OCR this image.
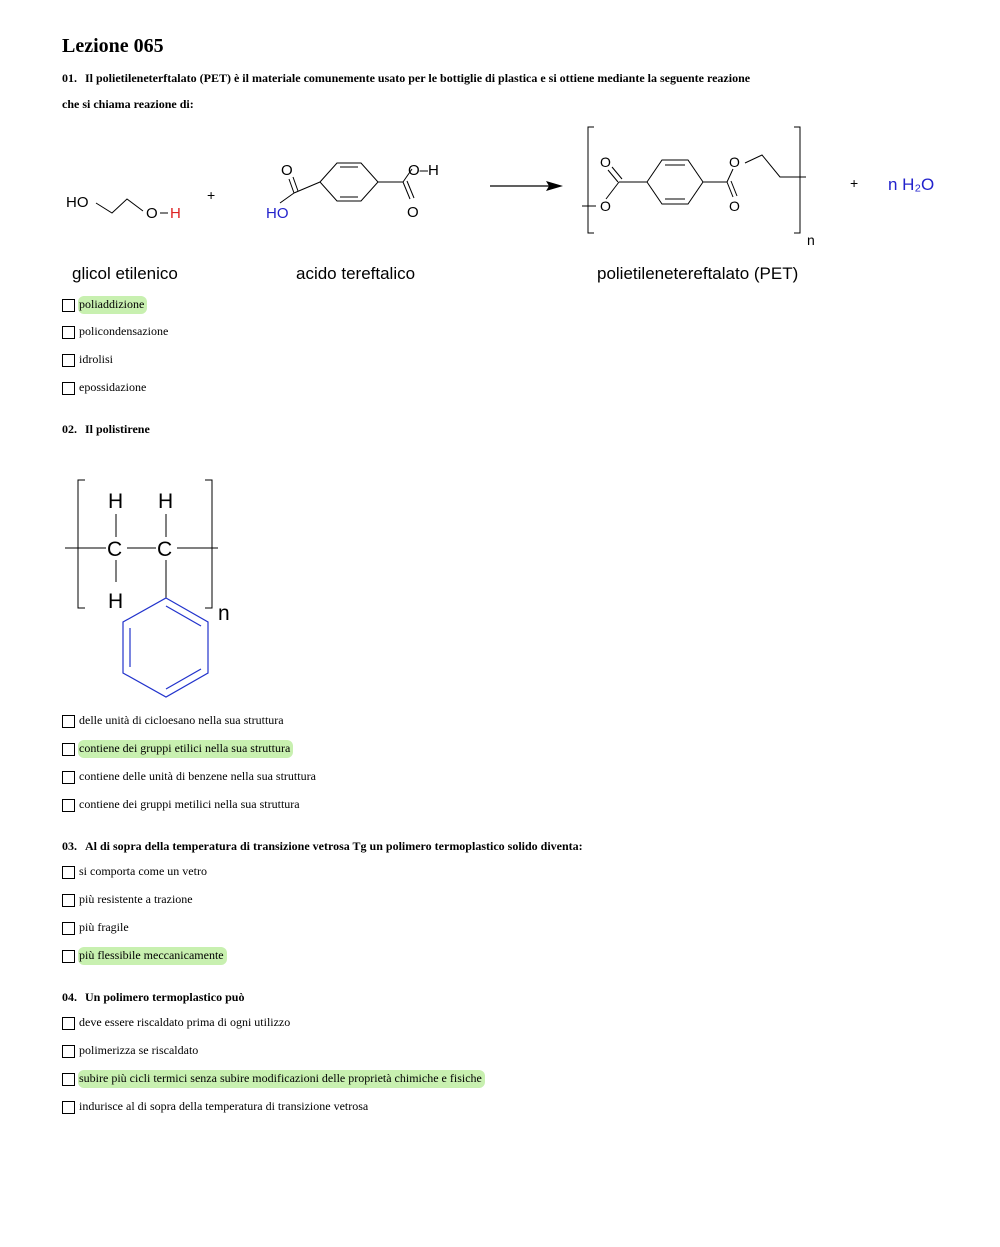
Lezione 065
01. Il polietileneterftalato (PET) è il materiale comunemente usato per le bottiglie di plastica e si ottiene mediante la seguente reazione
che si chiama reazione di:
HO
O H
+
O
HO
O–H
O
acido tereftalico
glicol etilenico
O
O	O
O
n
polietilenetereftalato (PET)
+ n H₂O
poliaddizione
policondensazione
idrolisi
epossidazione
02. Il polistirene
H H
C C
H
n
delle unità di cicloesano nella sua struttura
contiene dei gruppi etilici nella sua struttura
contiene delle unità di benzene nella sua struttura
contiene dei gruppi metilici nella sua struttura
03. Al di sopra della temperatura di transizione vetrosa Tg un polimero termoplastico solido diventa:
si comporta come un vetro
più resistente a trazione
più fragile
più flessibile meccanicamente
04. Un polimero termoplastico può
deve essere riscaldato prima di ogni utilizzo
polimerizza se riscaldato
subire più cicli termici senza subire modificazioni delle proprietà chimiche e fisiche
indurisce al di sopra della temperatura di transizione vetrosa
